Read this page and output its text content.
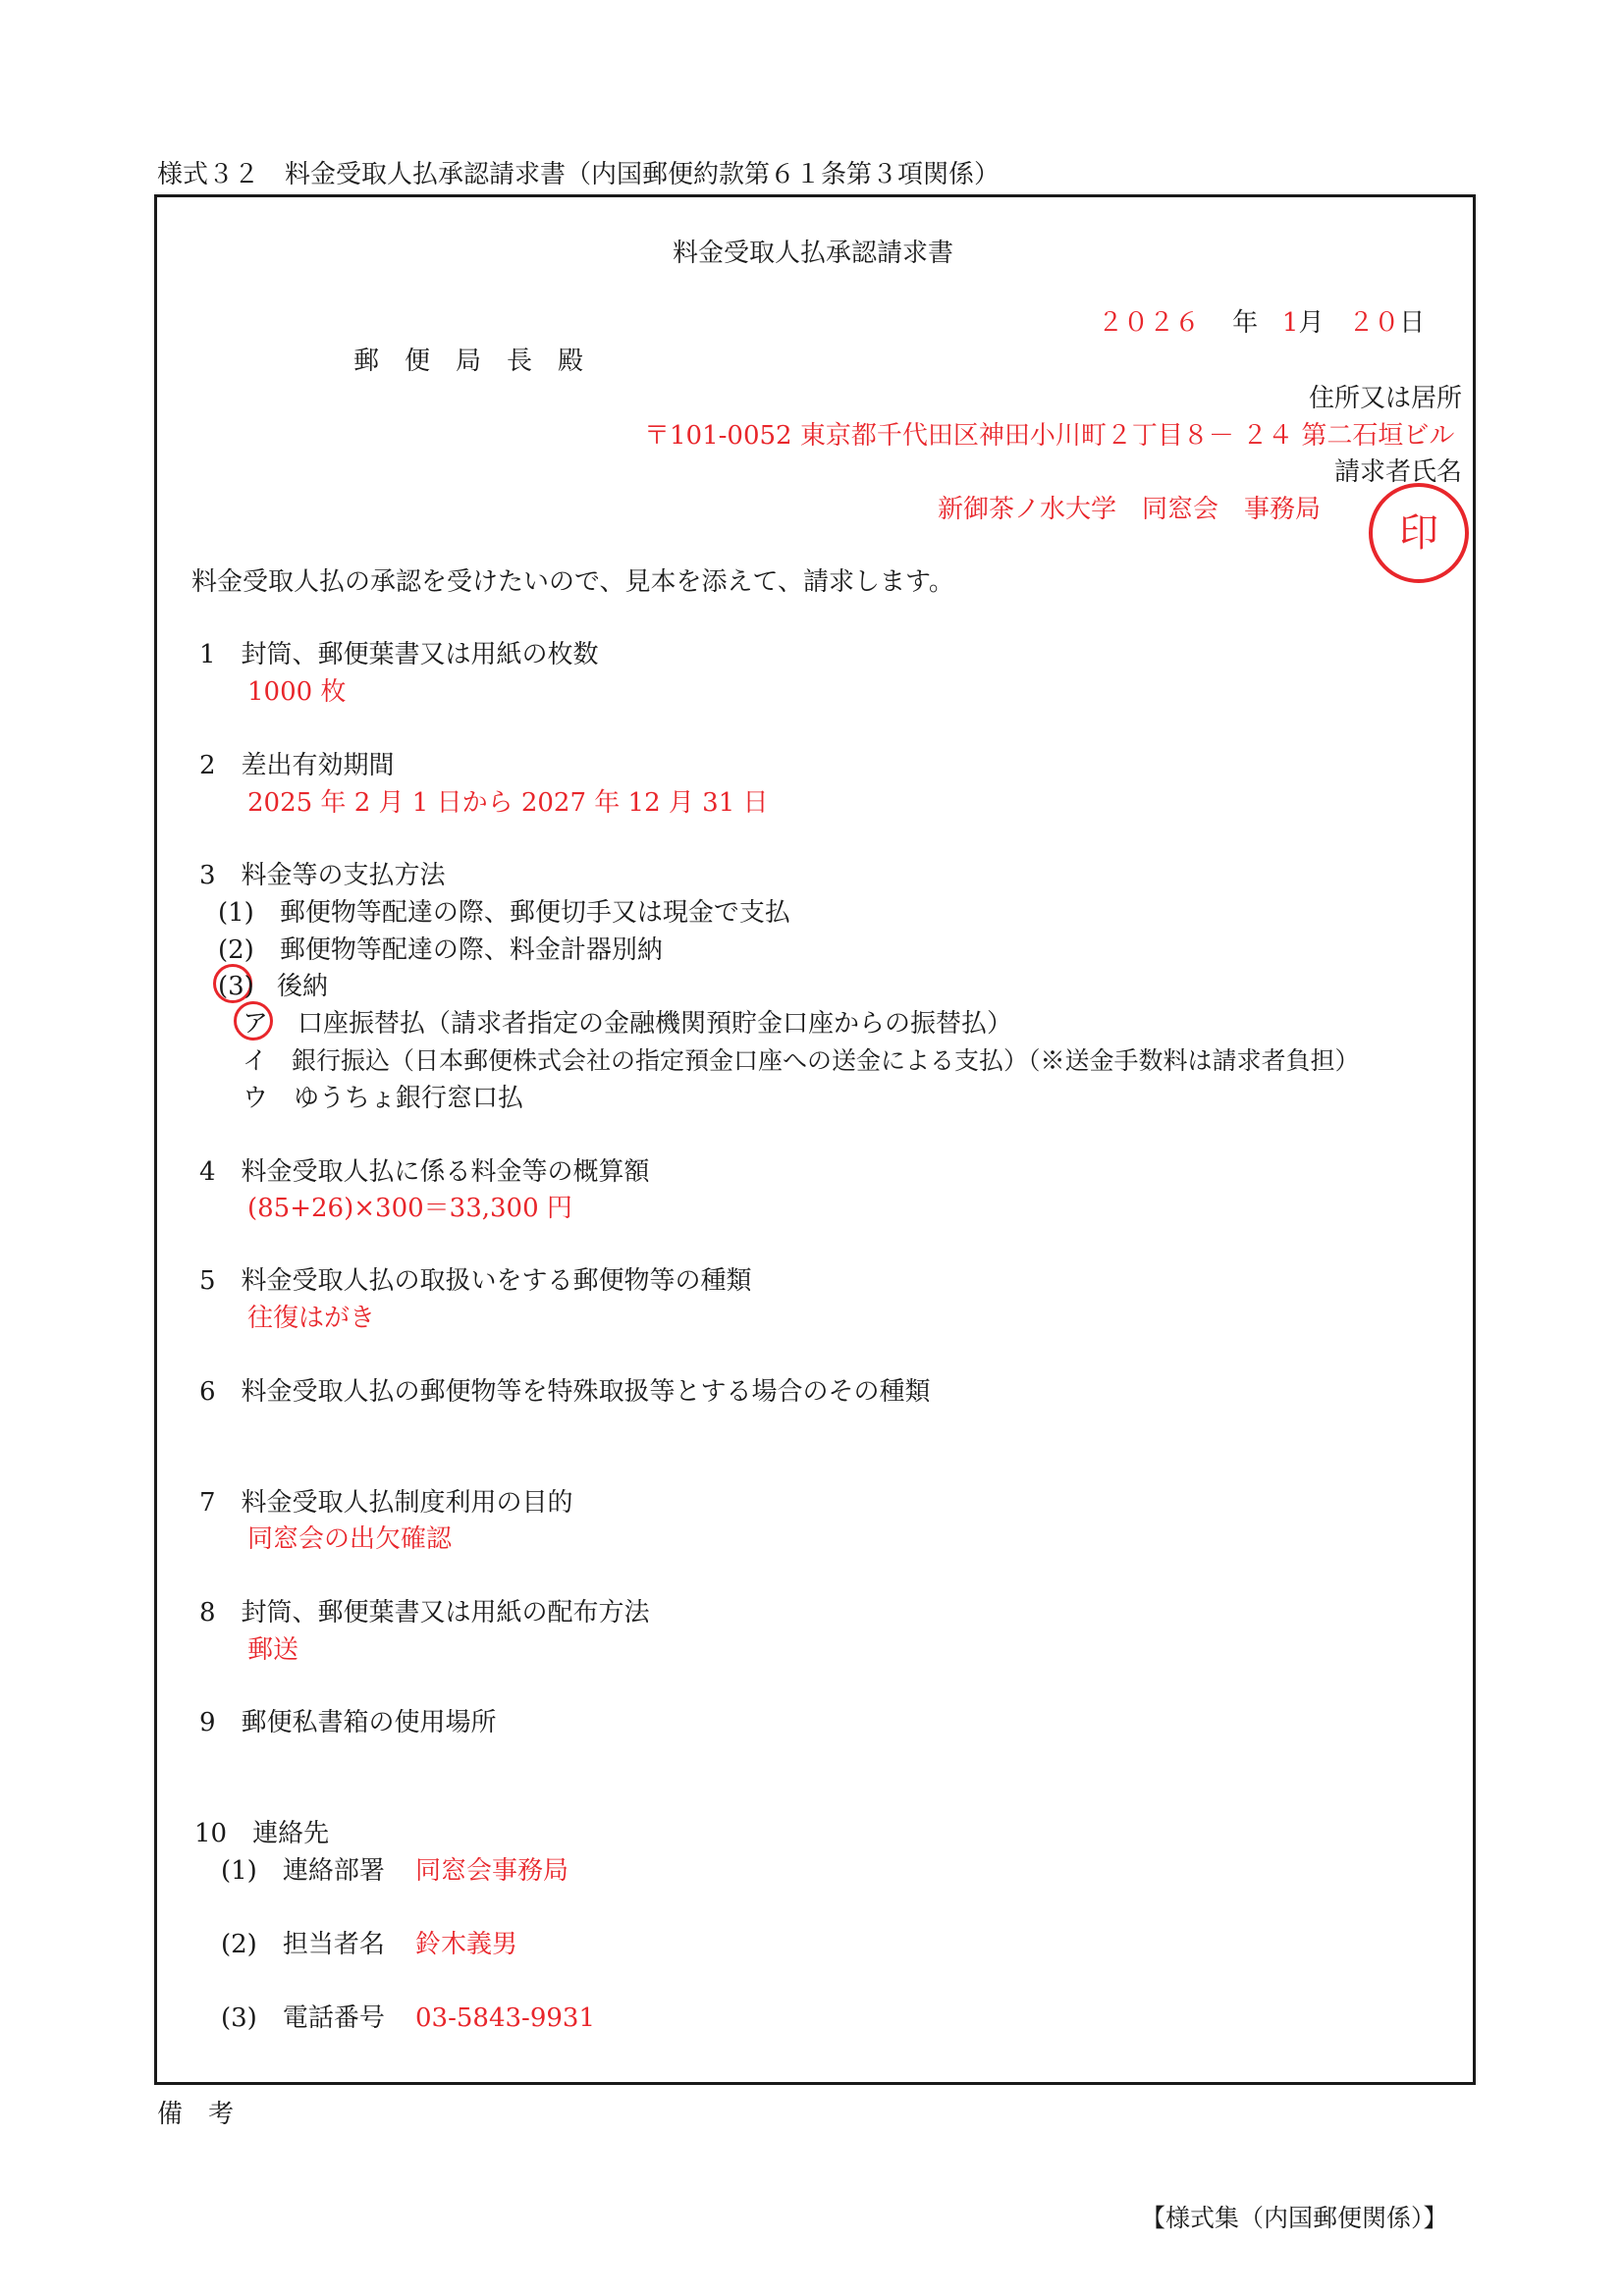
様式３２　料金受取人払承認請求書（内国郵便約款第６１条第３項関係）
料金受取人払承認請求書
２０２６ 年 1月 ２０日
郵　便　局　長　殿
住所又は居所
〒101-0052 東京都千代田区神田小川町２丁目８－ ２４ 第二石垣ビル
請求者氏名
新御茶ノ水大学　同窓会　事務局
印
料金受取人払の承認を受けたいので、見本を添えて、請求します。
1　封筒、郵便葉書又は用紙の枚数
1000 枚
2　差出有効期間
2025 年 2 月 1 日から 2027 年 12 月 31 日
3　料金等の支払方法
(1)　郵便物等配達の際、郵便切手又は現金で支払
(2)　郵便物等配達の際、料金計器別納
(3) 後納
ア 口座振替払（請求者指定の金融機関預貯金口座からの振替払）
イ　銀行振込（日本郵便株式会社の指定預金口座への送金による支払）（※送金手数料は請求者負担）
ウ　ゆうちょ銀行窓口払
4　料金受取人払に係る料金等の概算額
(85+26)×300＝33,300 円
5　料金受取人払の取扱いをする郵便物等の種類
往復はがき
6　料金受取人払の郵便物等を特殊取扱等とする場合のその種類
7　料金受取人払制度利用の目的
同窓会の出欠確認
8　封筒、郵便葉書又は用紙の配布方法
郵送
9　郵便私書箱の使用場所
10　連絡先
(1)　連絡部署 同窓会事務局
(2)　担当者名 鈴木義男
(3)　電話番号 03-5843-9931
備　考
【様式集（内国郵便関係）】
